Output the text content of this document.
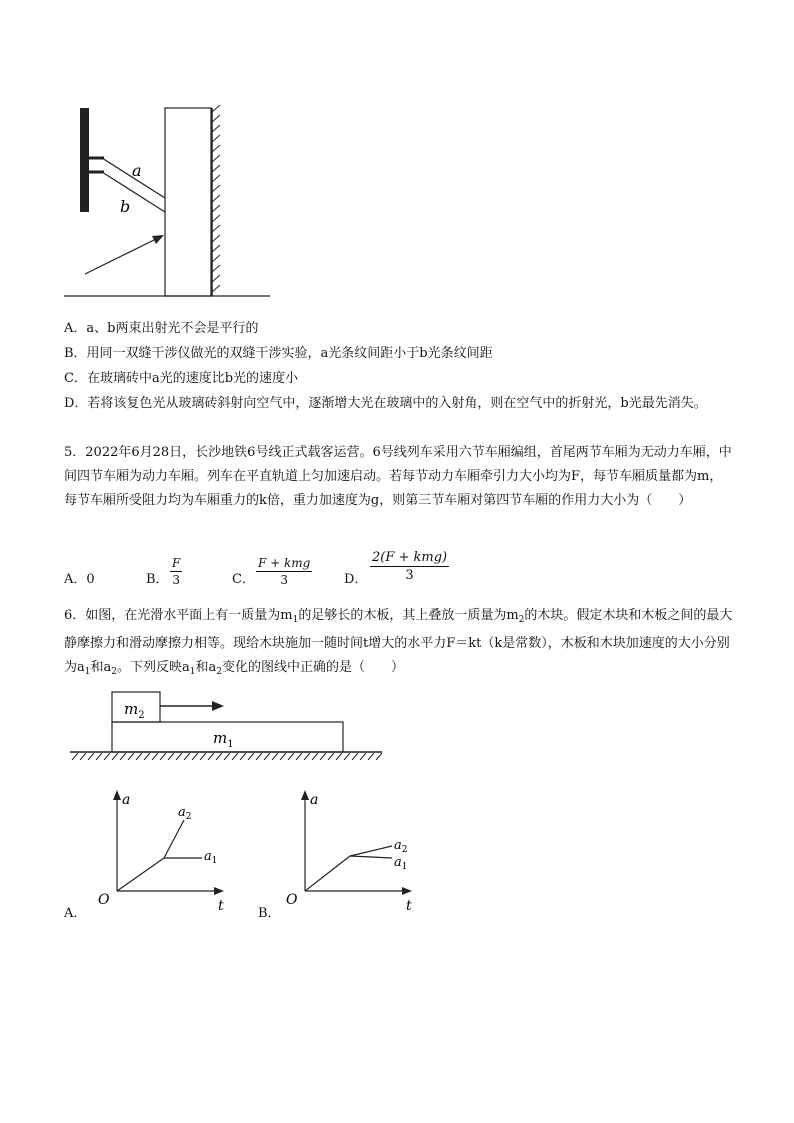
a
b
A．a、b两束出射光不会是平行的
B．用同一双缝干涉仪做光的双缝干涉实验，a光条纹间距小于b光条纹间距
C．在玻璃砖中a光的速度比b光的速度小
D．若将该复色光从玻璃砖斜射向空气中，逐渐增大光在玻璃中的入射角，则在空气中的折射光，b光最先消失。
5．2022年6月28日，长沙地铁6号线正式载客运营。6号线列车采用六节车厢编组，首尾两节车厢为无动力车厢，中间四节车厢为动力车厢。列车在平直轨道上匀加速启动。若每节动力车厢牵引力大小均为F，每节车厢质量都为m，每节车厢所受阻力均为车厢重力的k倍，重力加速度为g，则第三节车厢对第四节车厢的作用力大小为（　　）
A．0	B． $\frac{F}{3}$	C．
F + kmg
3	D．
2(F + kmg)
3
6．如图，在光滑水平面上有一质量为$m_1$的足够长的木板，其上叠放一质量为$m_2$的木块。假定木块和木板之间的最大静摩擦力和滑动摩擦力相等。现给木块施加一随时间t增大的水平力F＝kt（k是常数），木板和木块加速度的大小分别为$a_1$和$a_2$。下列反映$a_1$和$a_2$变化的图线中正确的是（　　）
$m_2$
$m_1$
a
t
O
$a_2$
$a_1$
A．
a
t
O
$a_2$
$a_1$
B．
